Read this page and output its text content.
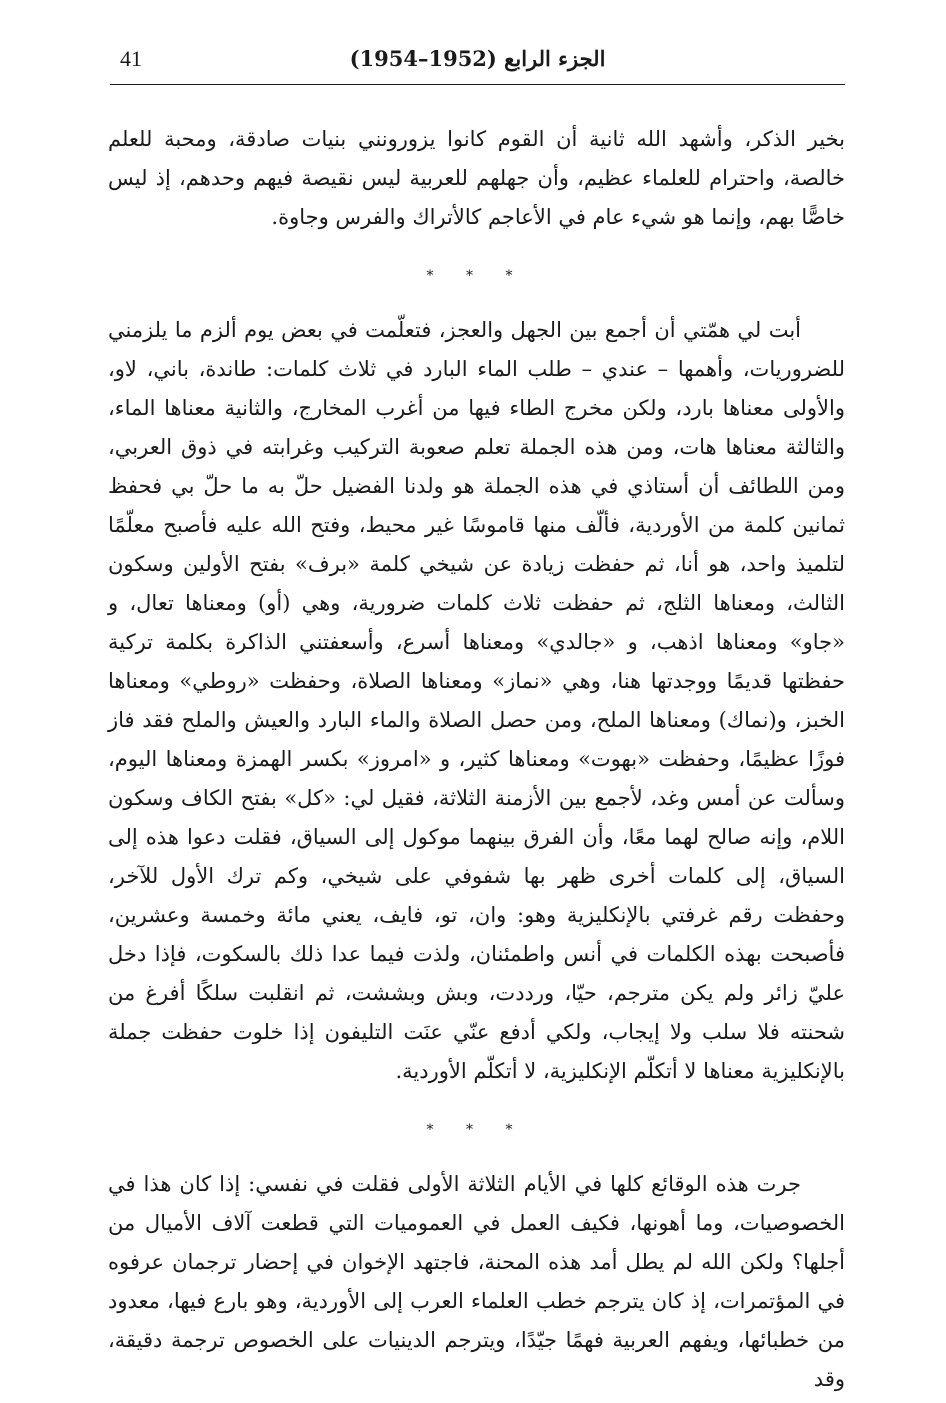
41	الجزء الرابع (1952–1954)

بخير الذكر، وأشهد الله ثانية أن القوم كانوا يزورونني بنيات صادقة، ومحبة للعلم خالصة، واحترام للعلماء عظيم، وأن جهلهم للعربية ليس نقيصة فيهم وحدهم، إذ ليس خاصًّا بهم، وإنما هو شيء عام في الأعاجم كالأتراك والفرس وجاوة.

* * *

أبت لي همّتي أن أجمع بين الجهل والعجز، فتعلّمت في بعض يوم ألزم ما يلزمني للضروريات، وأهمها – عندي – طلب الماء البارد في ثلاث كلمات: طاندة، باني، لاو، والأولى معناها بارد، ولكن مخرج الطاء فيها من أغرب المخارج، والثانية معناها الماء، والثالثة معناها هات، ومن هذه الجملة تعلم صعوبة التركيب وغرابته في ذوق العربي، ومن اللطائف أن أستاذي في هذه الجملة هو ولدنا الفضيل حلّ به ما حلّ بي فحفظ ثمانين كلمة من الأوردية، فألّف منها قاموسًا غير محيط، وفتح الله عليه فأصبح معلّمًا لتلميذ واحد، هو أنا، ثم حفظت زيادة عن شيخي كلمة «برف» بفتح الأولين وسكون الثالث، ومعناها الثلج، ثم حفظت ثلاث كلمات ضرورية، وهي (أو) ومعناها تعال، و «جاو» ومعناها اذهب، و «جالدي» ومعناها أسرع، وأسعفتني الذاكرة بكلمة تركية حفظتها قديمًا ووجدتها هنا، وهي «نماز» ومعناها الصلاة، وحفظت «روطي» ومعناها الخبز، و(نماك) ومعناها الملح، ومن حصل الصلاة والماء البارد والعيش والملح فقد فاز فوزًا عظيمًا، وحفظت «بهوت» ومعناها كثير، و «امروز» بكسر الهمزة ومعناها اليوم، وسألت عن أمس وغد، لأجمع بين الأزمنة الثلاثة، فقيل لي: «كل» بفتح الكاف وسكون اللام، وإنه صالح لهما معًا، وأن الفرق بينهما موكول إلى السياق، فقلت دعوا هذه إلى السياق، إلى كلمات أخرى ظهر بها شفوفي على شيخي، وكم ترك الأول للآخر، وحفظت رقم غرفتي بالإنكليزية وهو: وان، تو، فايف، يعني مائة وخمسة وعشرين، فأصبحت بهذه الكلمات في أنس واطمئنان، ولذت فيما عدا ذلك بالسكوت، فإذا دخل عليّ زائر ولم يكن مترجم، حيّا، ورددت، وبش وبششت، ثم انقلبت سلكًا أفرغ من شحنته فلا سلب ولا إيجاب، ولكي أدفع عنّي عنَت التليفون إذا خلوت حفظت جملة بالإنكليزية معناها لا أتكلّم الإنكليزية، لا أتكلّم الأوردية.

* * *

جرت هذه الوقائع كلها في الأيام الثلاثة الأولى فقلت في نفسي: إذا كان هذا في الخصوصيات، وما أهونها، فكيف العمل في العموميات التي قطعت آلاف الأميال من أجلها؟ ولكن الله لم يطل أمد هذه المحنة، فاجتهد الإخوان في إحضار ترجمان عرفوه في المؤتمرات، إذ كان يترجم خطب العلماء العرب إلى الأوردية، وهو بارع فيها، معدود من خطبائها، ويفهم العربية فهمًا جيّدًا، ويترجم الدينيات على الخصوص ترجمة دقيقة، وقد
